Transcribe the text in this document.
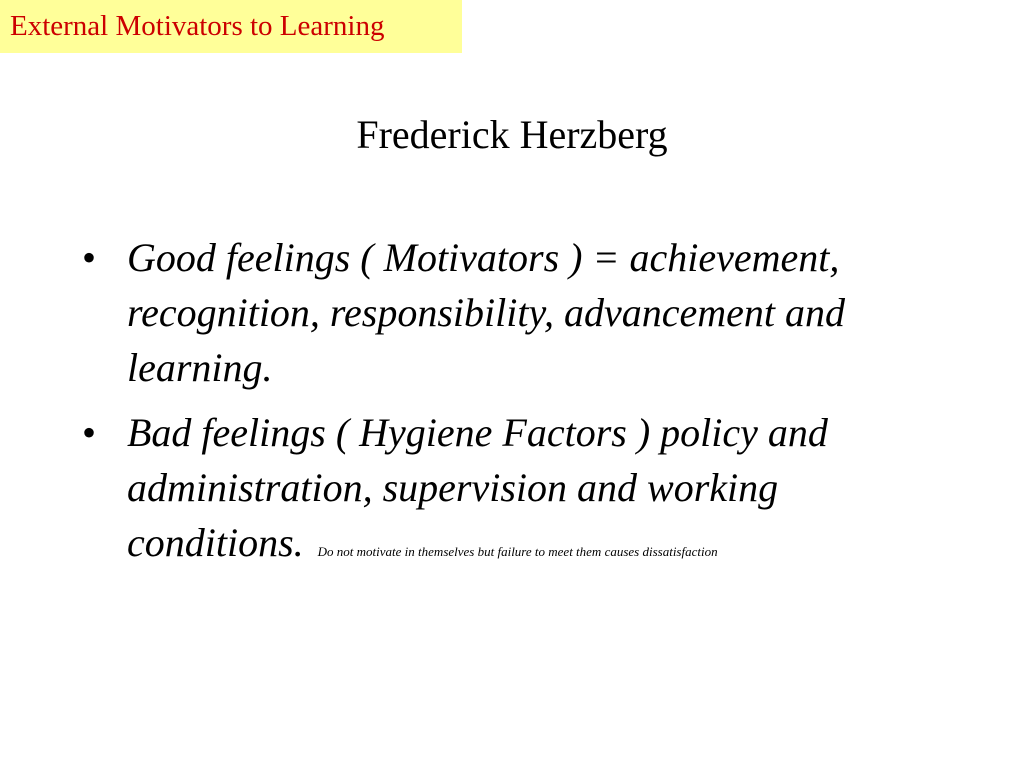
External Motivators to Learning
Frederick Herzberg
• Good feelings ( Motivators ) = achievement, recognition, responsibility, advancement and learning.
• Bad feelings ( Hygiene Factors ) policy and administration, supervision and working conditions. Do not motivate in themselves but failure to meet them causes dissatisfaction
